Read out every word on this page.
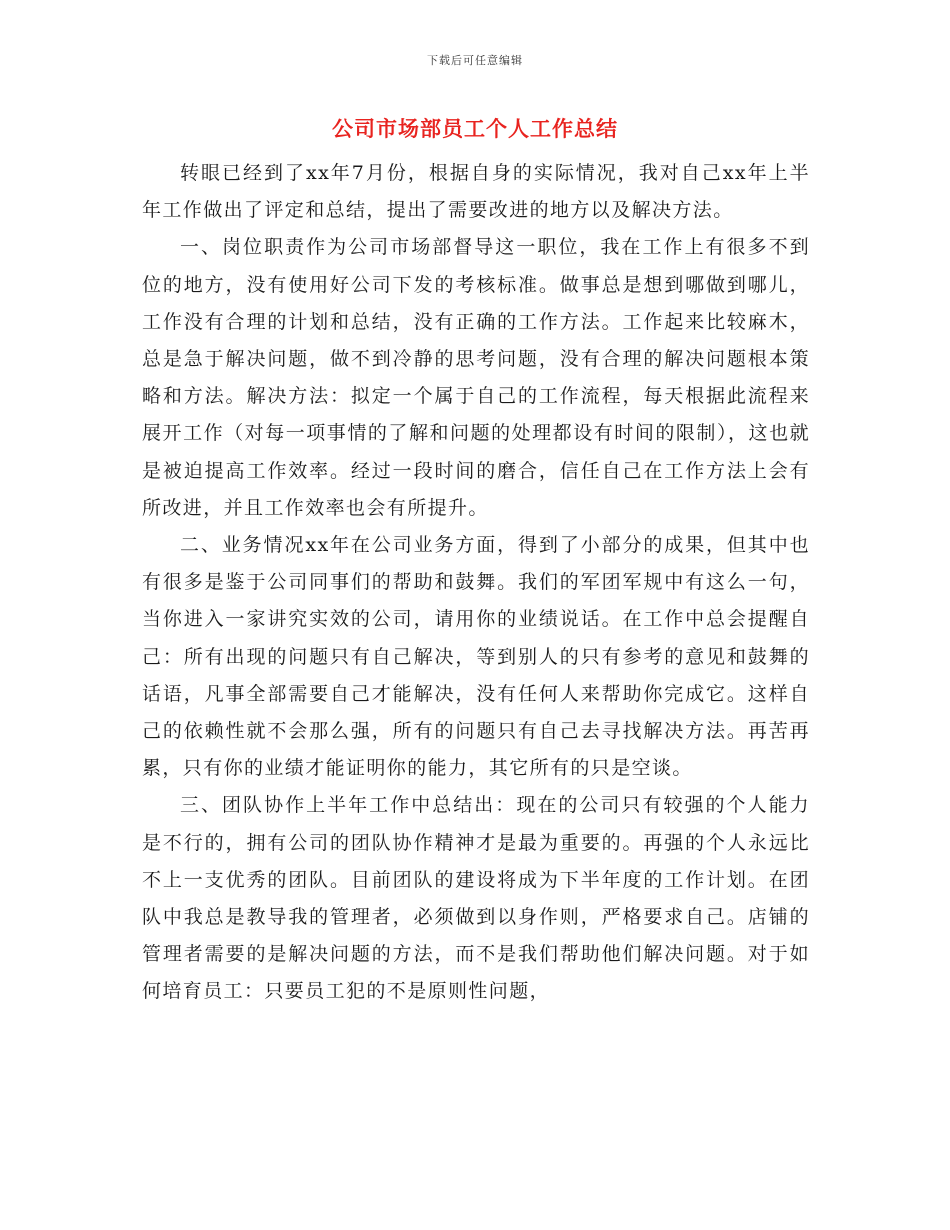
下载后可任意编辑
公司市场部员工个人工作总结

转眼已经到了xx年7月份，根据自身的实际情况，我对自己xx年上半年工作做出了评定和总结，提出了需要改进的地方以及解决方法。

一、岗位职责作为公司市场部督导这一职位，我在工作上有很多不到位的地方，没有使用好公司下发的考核标准。做事总是想到哪做到哪儿，工作没有合理的计划和总结，没有正确的工作方法。工作起来比较麻木，总是急于解决问题，做不到冷静的思考问题，没有合理的解决问题根本策略和方法。解决方法：拟定一个属于自己的工作流程，每天根据此流程来展开工作（对每一项事情的了解和问题的处理都设有时间的限制），这也就是被迫提高工作效率。经过一段时间的磨合，信任自己在工作方法上会有所改进，并且工作效率也会有所提升。

二、业务情况xx年在公司业务方面，得到了小部分的成果，但其中也有很多是鉴于公司同事们的帮助和鼓舞。我们的军团军规中有这么一句，当你进入一家讲究实效的公司，请用你的业绩说话。在工作中总会提醒自己：所有出现的问题只有自己解决，等到别人的只有参考的意见和鼓舞的话语，凡事全部需要自己才能解决，没有任何人来帮助你完成它。这样自己的依赖性就不会那么强，所有的问题只有自己去寻找解决方法。再苦再累，只有你的业绩才能证明你的能力，其它所有的只是空谈。

三、团队协作上半年工作中总结出：现在的公司只有较强的个人能力是不行的，拥有公司的团队协作精神才是最为重要的。再强的个人永远比不上一支优秀的团队。目前团队的建设将成为下半年度的工作计划。在团队中我总是教导我的管理者，必须做到以身作则，严格要求自己。店铺的管理者需要的是解决问题的方法，而不是我们帮助他们解决问题。对于如何培育员工：只要员工犯的不是原则性问题，
